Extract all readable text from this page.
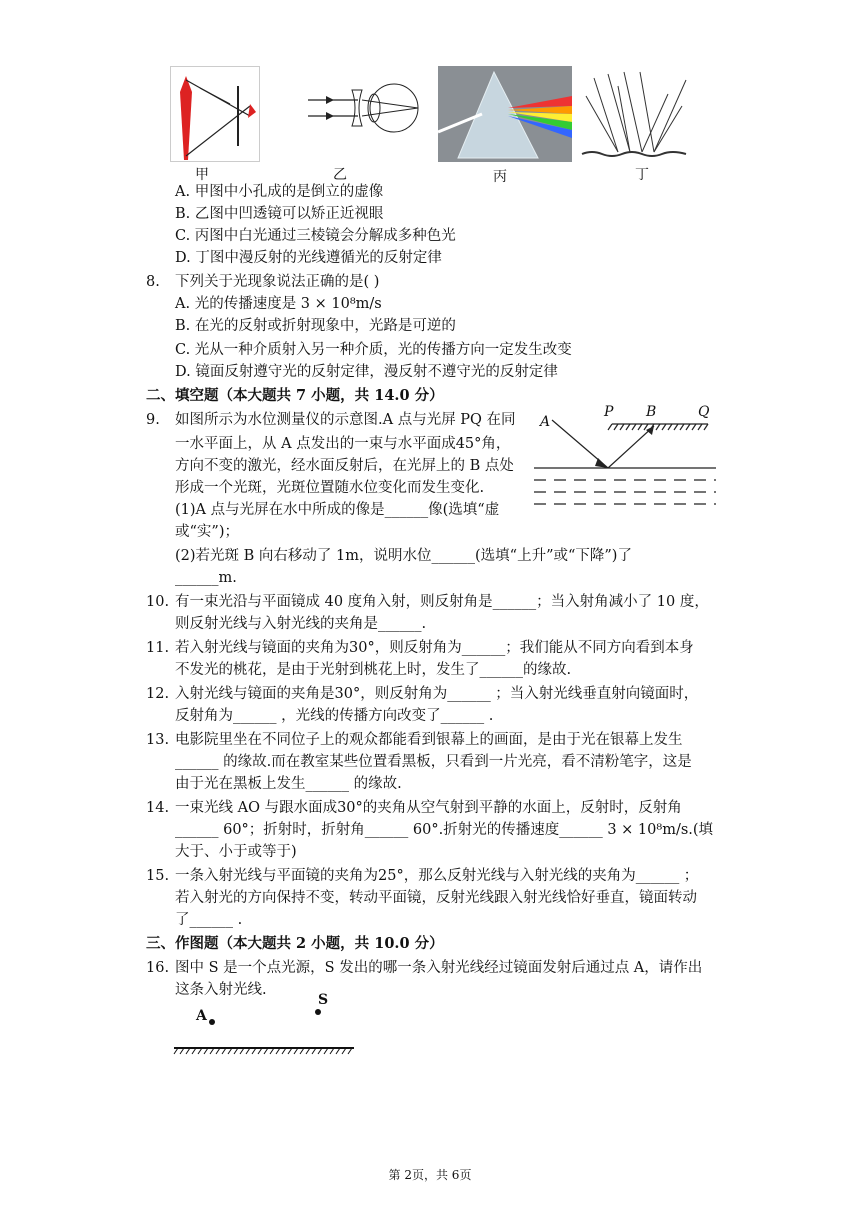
甲	乙	丙	丁
A. 甲图中小孔成的是倒立的虚像
B. 乙图中凹透镜可以矫正近视眼
C. 丙图中白光通过三棱镜会分解成多种色光
D. 丁图中漫反射的光线遵循光的反射定律
8. 下列关于光现象说法正确的是( )
A. 光的传播速度是 3 × 10⁸m/s
B. 在光的反射或折射现象中，光路是可逆的
C. 光从一种介质射入另一种介质，光的传播方向一定发生改变
D. 镜面反射遵守光的反射定律，漫反射不遵守光的反射定律
二、填空题（本大题共 7 小题，共 14.0 分）
9. 如图所示为水位测量仪的示意图.A 点与光屏 PQ 在同
一水平面上，从 A 点发出的一束与水平面成45°角，
方向不变的激光，经水面反射后，在光屏上的 B 点处
形成一个光斑，光斑位置随水位变化而发生变化.
(1)A 点与光屏在水中所成的像是______像(选填“虚
或“实”)；
(2)若光斑 B 向右移动了 1m，说明水位______(选填“上升”或“下降”)了
______m.
A
P B	Q
10. 有一束光沿与平面镜成 40 度角入射，则反射角是______；当入射角减小了 10 度，
则反射光线与入射光线的夹角是______.
11. 若入射光线与镜面的夹角为30°，则反射角为______；我们能从不同方向看到本身
不发光的桃花，是由于光射到桃花上时，发生了______的缘故.
12. 入射光线与镜面的夹角是30°，则反射角为______ ；当入射光线垂直射向镜面时，
反射角为______ ，光线的传播方向改变了______ .
13. 电影院里坐在不同位子上的观众都能看到银幕上的画面，是由于光在银幕上发生
______ 的缘故.而在教室某些位置看黑板，只看到一片光亮，看不清粉笔字，这是
由于光在黑板上发生______ 的缘故.
14. 一束光线 AO 与跟水面成30°的夹角从空气射到平静的水面上，反射时，反射角
______ 60°；折射时，折射角______ 60°.折射光的传播速度______ 3 × 10⁸m/s.(填
大于、小于或等于)
15. 一条入射光线与平面镜的夹角为25°，那么反射光线与入射光线的夹角为______ ；
若入射光的方向保持不变，转动平面镜，反射光线跟入射光线恰好垂直，镜面转动
了______ .
三、作图题（本大题共 2 小题，共 10.0 分）
16. 图中 S 是一个点光源，S 发出的哪一条入射光线经过镜面发射后通过点 A，请作出
这条入射光线.
A
S
第 2页，共 6页
